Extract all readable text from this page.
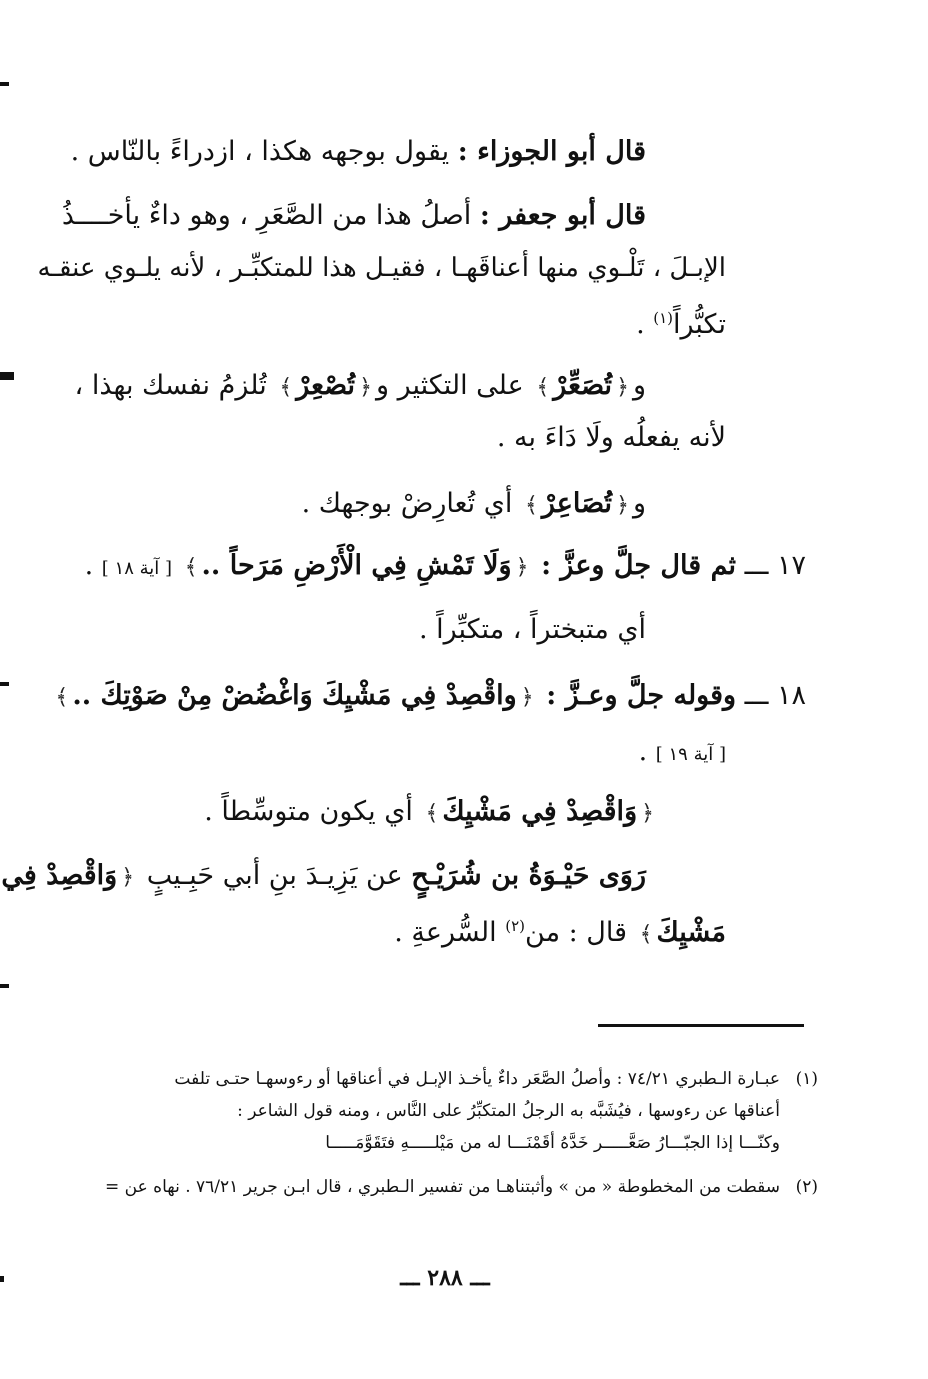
قال أبو الجوزاء : يقول بوجهه هكذا ، ازدراءً بالنّاس .
قال أبو جعفر : أصلُ هذا من الصَّعَرِ ، وهو داءٌ يأخــــذُ
الإبـلَ ، تَلْـوي منها أعناقَهـا ، فقيـل هذا للمتكبِّـر ، لأنه يلـوي عنقـه
تكبُّراً$^{(١)}$ .
و﴿تُصَعِّرْ﴾ على التكثير و﴿تُصْعِرْ﴾ تُلزمُ نفسك بهذا ،
لأنه يفعلُه ولَا دَاءَ به .
و﴿تُصَاعِرْ﴾ أي تُعارِضْ بوجهك .
١٧ ـــ ثم قال جلَّ وعزَّ : ﴿وَلَا تَمْشِ فِي الْأَرْضِ مَرَحاً ..﴾ [ آية ١٨ ] .
أي متبختراً ، متكبِّراً .
١٨ ـــ وقوله جلَّ وعـزَّ : ﴿واقْصِدْ فِي مَشْيِكَ وَاغْضُضْ مِنْ صَوْتِكَ ..﴾
[ آية ١٩ ] .
﴿وَاقْصِدْ فِي مَشْيِكَ﴾ أي يكون متوسِّطاً .
رَوَى حَيْـوَةُ بن شُرَيْـحٍ عن يَزِيـدَ بنِ أبي حَبِـيبٍ ﴿وَاقْصِدْ فِي
مَشْيِكَ﴾ قال : من$^{(٢)}$ السُّرعةِ .
(١)
عبـارة الـطبري ٧٤/٢١ : وأصلُ الصَّعَر داءٌ يأخـذ الإبـل في أعناقها أو رءوسهـا حتـى تلفت
أعناقها عن رءوسها ، فيُشَبَّه به الرجلُ المتكبِّرُ على النَّاس ، ومنه قول الشاعر :
وكنّـــا إذا الجبّـــارُ صَعَّـــــر خَدَّهُ أقَمْنَـــا له من مَيْلـــــهِ فتَقَوَّمَـــــا
(٢)
سقطت من المخطوطة « من » وأثبتناهـا من تفسير الـطبري ، قال ابـن جرير ٧٦/٢١ . نهاه عن =
ـــ ٢٨٨ ـــ
